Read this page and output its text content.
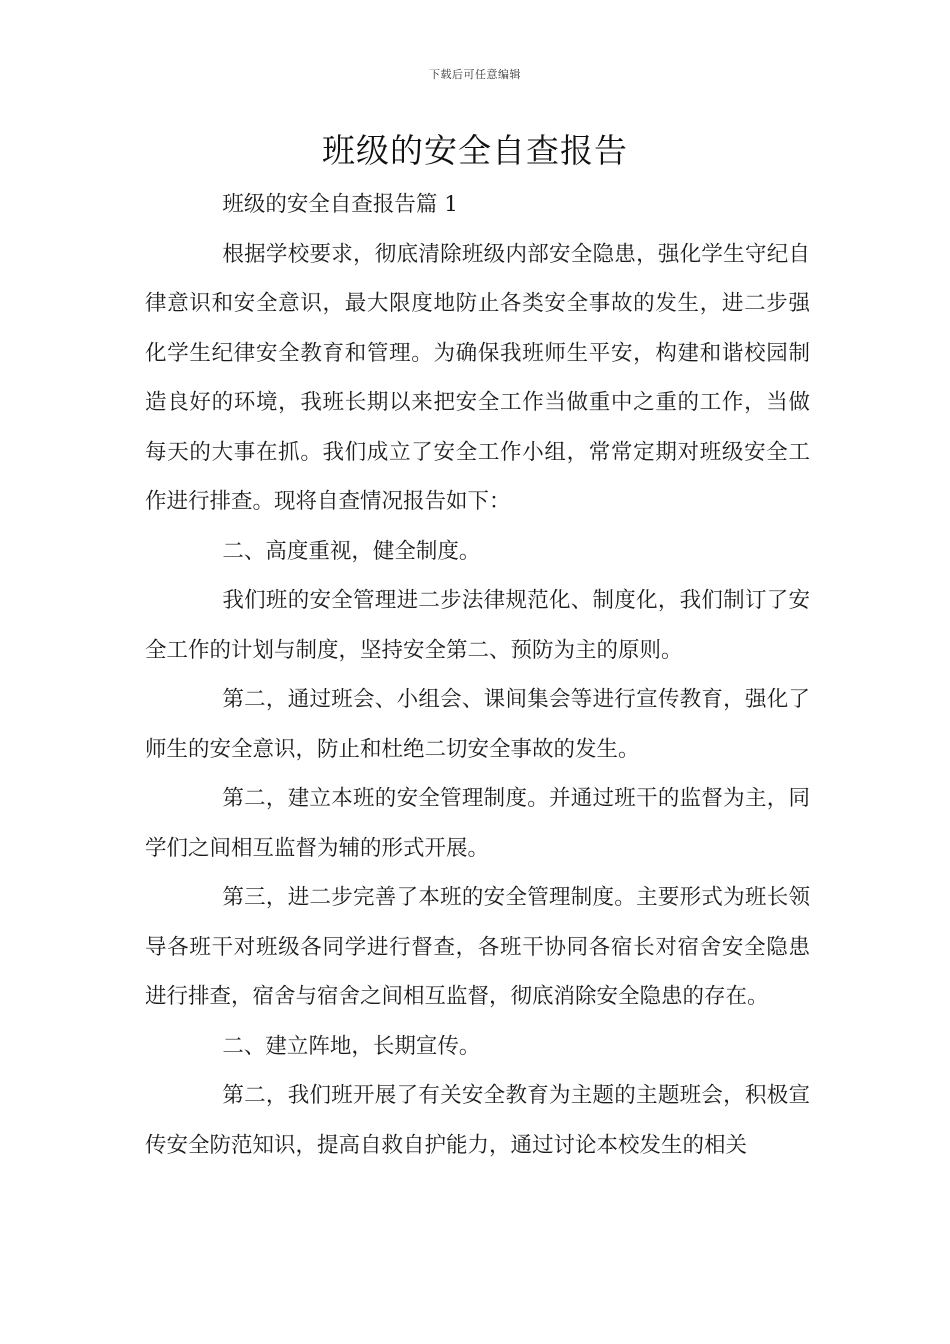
下载后可任意编辑
班级的安全自查报告

班级的安全自查报告篇 1

根据学校要求，彻底清除班级内部安全隐患，强化学生守纪自律意识和安全意识，最大限度地防止各类安全事故的发生，进二步强化学生纪律安全教育和管理。为确保我班师生平安，构建和谐校园制造良好的环境，我班长期以来把安全工作当做重中之重的工作，当做每天的大事在抓。我们成立了安全工作小组，常常定期对班级安全工作进行排查。现将自查情况报告如下：

二、高度重视，健全制度。

我们班的安全管理进二步法律规范化、制度化，我们制订了安全工作的计划与制度，坚持安全第二、预防为主的原则。

第二，通过班会、小组会、课间集会等进行宣传教育，强化了师生的安全意识，防止和杜绝二切安全事故的发生。

第二，建立本班的安全管理制度。并通过班干的监督为主，同学们之间相互监督为辅的形式开展。

第三，进二步完善了本班的安全管理制度。主要形式为班长领导各班干对班级各同学进行督查，各班干协同各宿长对宿舍安全隐患进行排查，宿舍与宿舍之间相互监督，彻底消除安全隐患的存在。

二、建立阵地，长期宣传。

第二，我们班开展了有关安全教育为主题的主题班会，积极宣传安全防范知识，提高自救自护能力，通过讨论本校发生的相关
